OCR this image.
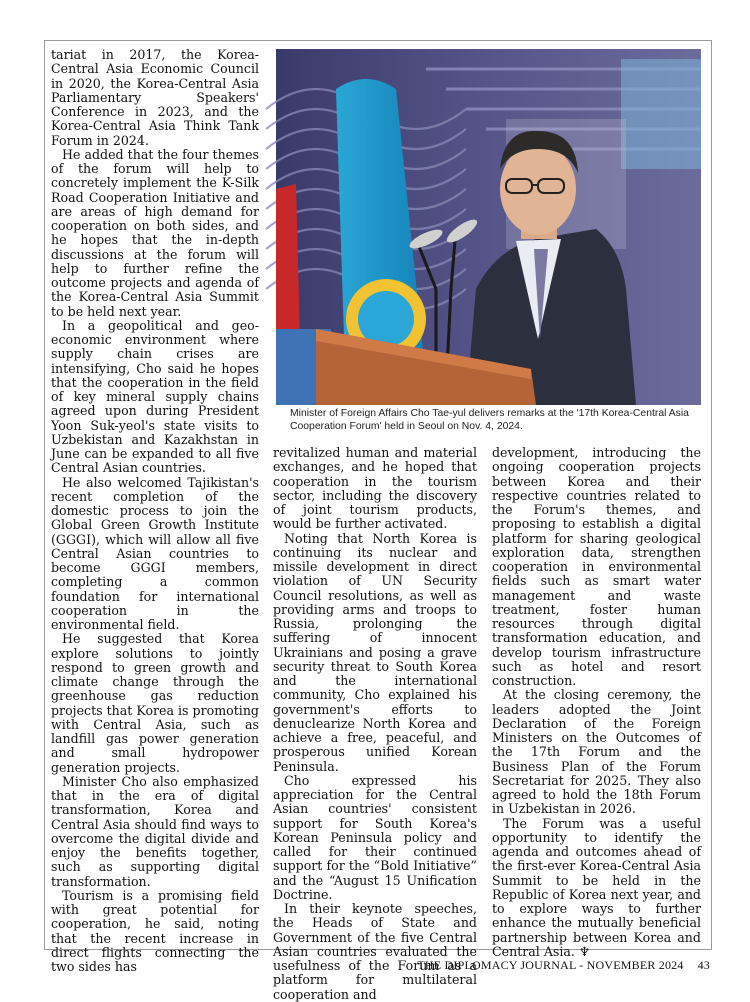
tariat in 2017, the Korea-Central Asia Economic Council in 2020, the Korea-Central Asia Parliamentary Speakers' Conference in 2023, and the Korea-Central Asia Think Tank Forum in 2024.

He added that the four themes of the forum will help to concretely implement the K-Silk Road Cooperation Initiative and are areas of high demand for cooperation on both sides, and he hopes that the in-depth discussions at the forum will help to further refine the outcome projects and agenda of the Korea-Central Asia Summit to be held next year.

In a geopolitical and geo-economic environment where supply chain crises are intensifying, Cho said he hopes that the cooperation in the field of key mineral supply chains agreed upon during President Yoon Suk-yeol's state visits to Uzbekistan and Kazakhstan in June can be expanded to all five Central Asian countries.

He also welcomed Tajikistan's recent completion of the domestic process to join the Global Green Growth Institute (GGGI), which will allow all five Central Asian countries to become GGGI members, completing a common foundation for international cooperation in the environmental field.

He suggested that Korea explore solutions to jointly respond to green growth and climate change through the greenhouse gas reduction projects that Korea is promoting with Central Asia, such as landfill gas power generation and small hydropower generation projects.

Minister Cho also emphasized that in the era of digital transformation, Korea and Central Asia should find ways to overcome the digital divide and enjoy the benefits together, such as supporting digital transformation.

Tourism is a promising field with great potential for cooperation, he said, noting that the recent increase in direct flights connecting the two sides has

Minister of Foreign Affairs Cho Tae-yul delivers remarks at the '17th Korea-Central Asia Cooperation Forum' held in Seoul on Nov. 4, 2024.

revitalized human and material exchanges, and he hoped that cooperation in the tourism sector, including the discovery of joint tourism products, would be further activated.

Noting that North Korea is continuing its nuclear and missile development in direct violation of UN Security Council resolutions, as well as providing arms and troops to Russia, prolonging the suffering of innocent Ukrainians and posing a grave security threat to South Korea and the international community, Cho explained his government's efforts to denuclearize North Korea and achieve a free, peaceful, and prosperous unified Korean Peninsula.

Cho expressed his appreciation for the Central Asian countries' consistent support for South Korea's Korean Peninsula policy and called for their continued support for the “Bold Initiative” and the “August 15 Unification Doctrine.

In their keynote speeches, the Heads of State and Government of the five Central Asian countries evaluated the usefulness of the Forum as a platform for multilateral cooperation and

development, introducing the ongoing cooperation projects between Korea and their respective countries related to the Forum's themes, and proposing to establish a digital platform for sharing geological exploration data, strengthen cooperation in environmental fields such as smart water management and waste treatment, foster human resources through digital transformation education, and develop tourism infrastructure such as hotel and resort construction.

At the closing ceremony, the leaders adopted the Joint Declaration of the Foreign Ministers on the Outcomes of the 17th Forum and the Business Plan of the Forum Secretariat for 2025. They also agreed to hold the 18th Forum in Uzbekistan in 2026.

The Forum was a useful opportunity to identify the agenda and outcomes ahead of the first-ever Korea-Central Asia Summit to be held in the Republic of Korea next year, and to explore ways to further enhance the mutually beneficial partnership between Korea and Central Asia. ♆

THE DIPLOMACY JOURNAL - NOVEMBER 2024 43
